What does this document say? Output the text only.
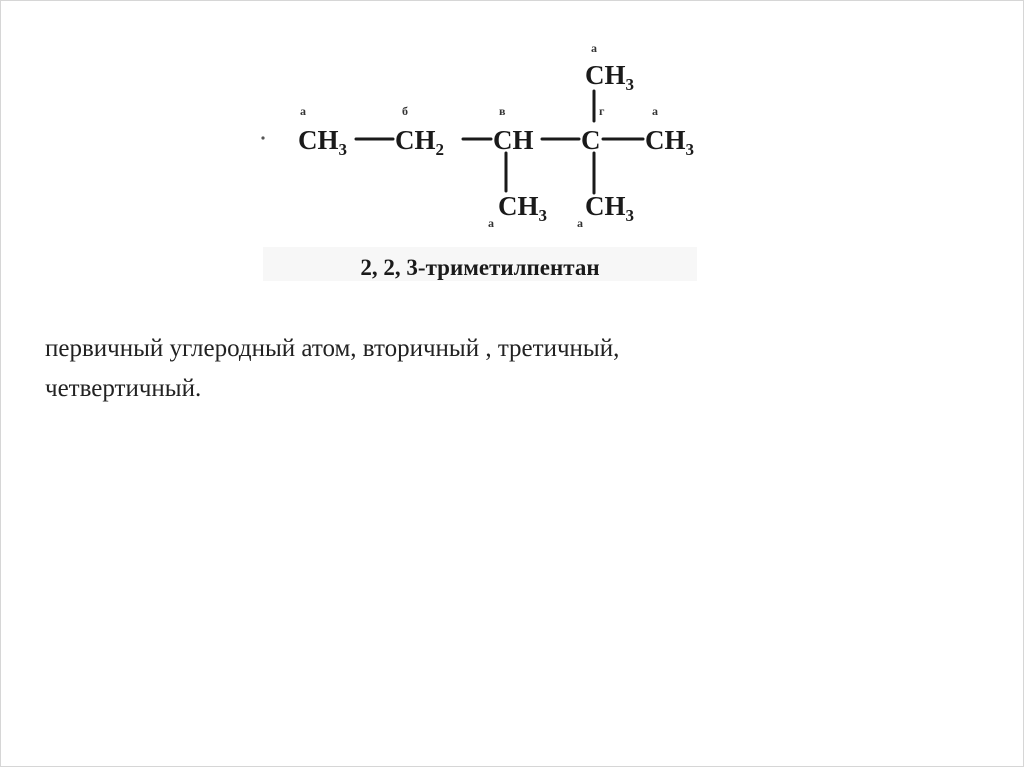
$CH_3$ $CH_2$ CH C $CH_3$
$CH_3$
$CH_3$ $CH_3$
а	б	в	г	а
а
а	а
2, 2, 3-триметилпентан

первичный углеродный атом, вторичный , третичный,
четвертичный.
